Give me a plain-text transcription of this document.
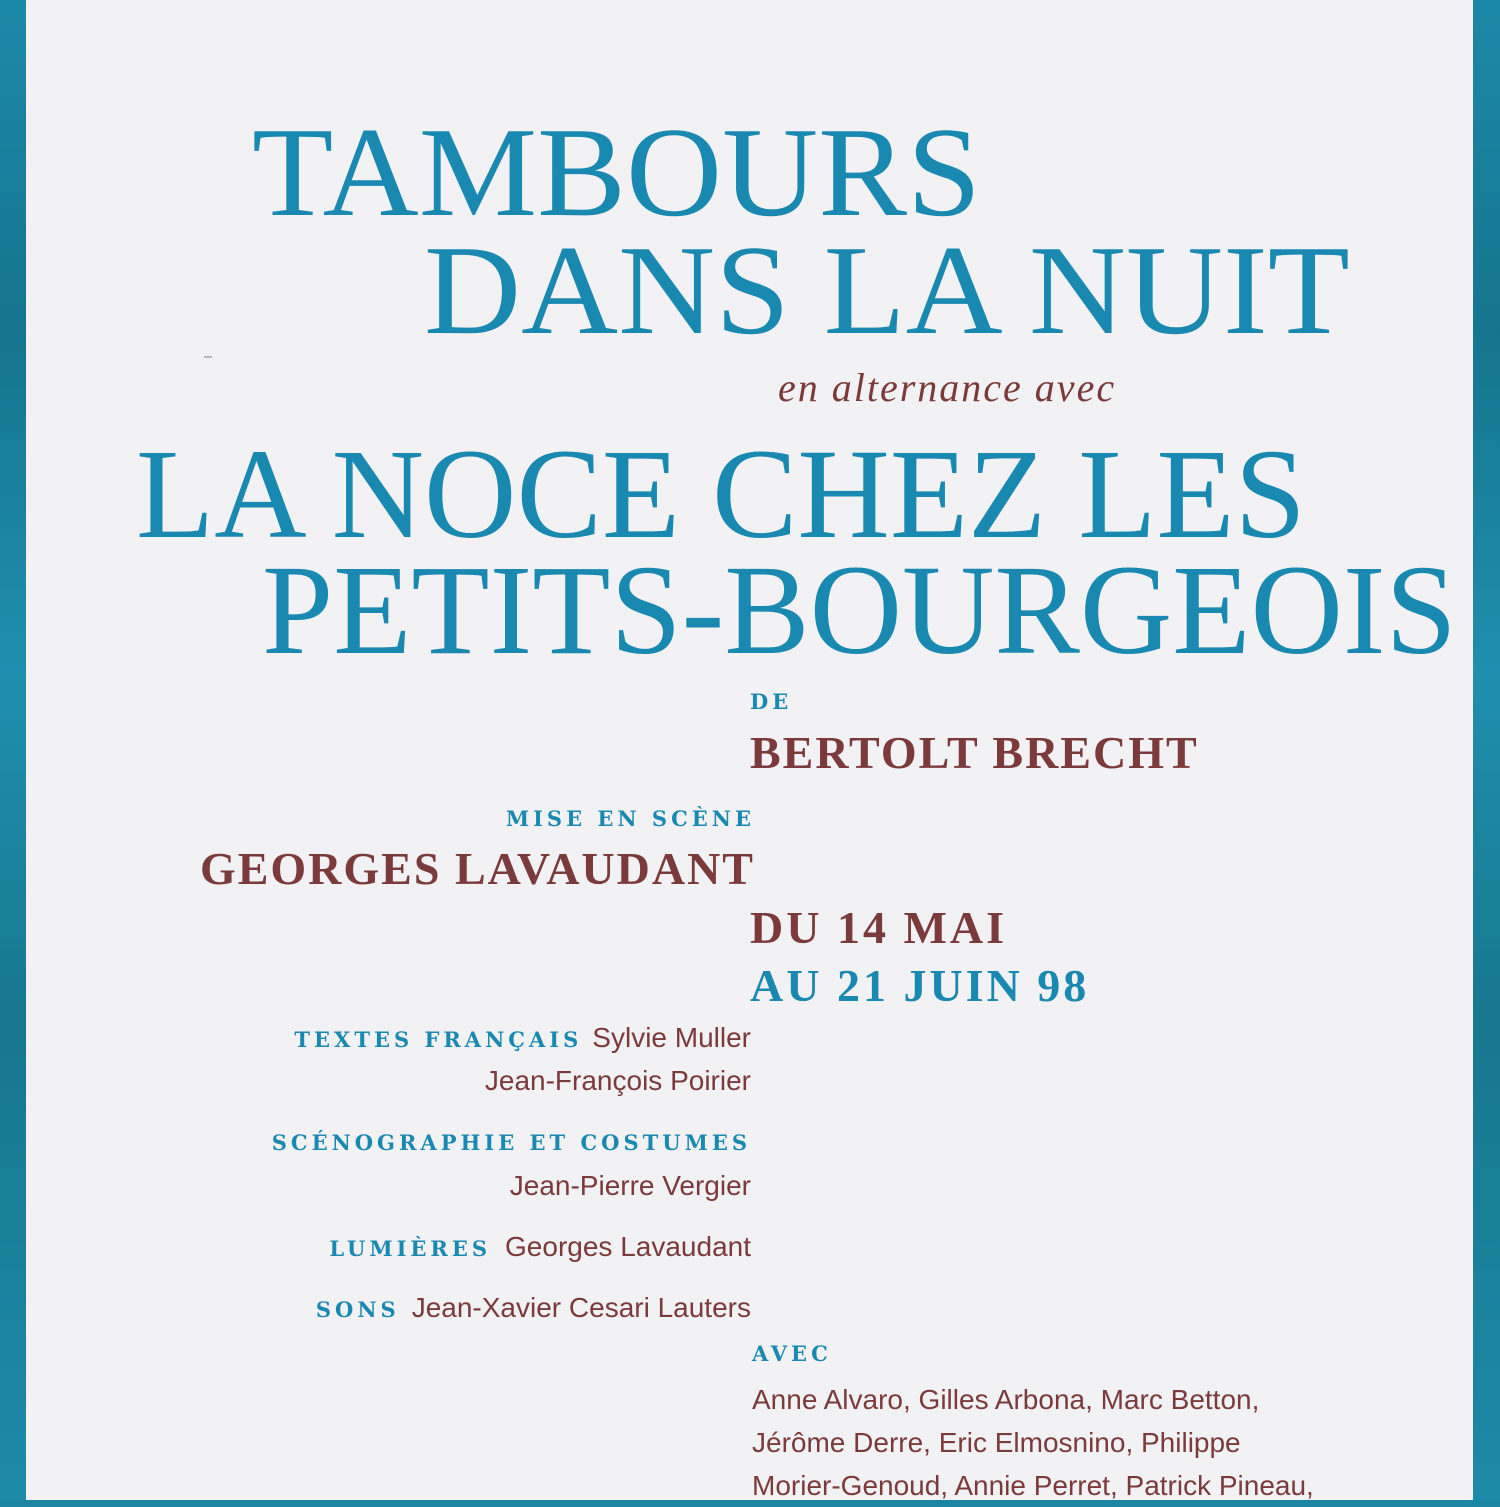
TAMBOURS
DANS LA NUIT
en alternance avec
LA NOCE CHEZ LES
PETITS-BOURGEOIS
DE
BERTOLT BRECHT
MISE EN SCÈNE
GEORGES LAVAUDANT
DU 14 MAI
AU 21 JUIN 98
TEXTES FRANÇAIS Sylvie Muller
Jean-François Poirier
SCÉNOGRAPHIE ET COSTUMES
Jean-Pierre Vergier
LUMIÈRES Georges Lavaudant
SONS Jean-Xavier Cesari Lauters
AVEC
Anne Alvaro, Gilles Arbona, Marc Betton,
Jérôme Derre, Eric Elmosnino, Philippe
Morier-Genoud, Annie Perret, Patrick Pineau,
